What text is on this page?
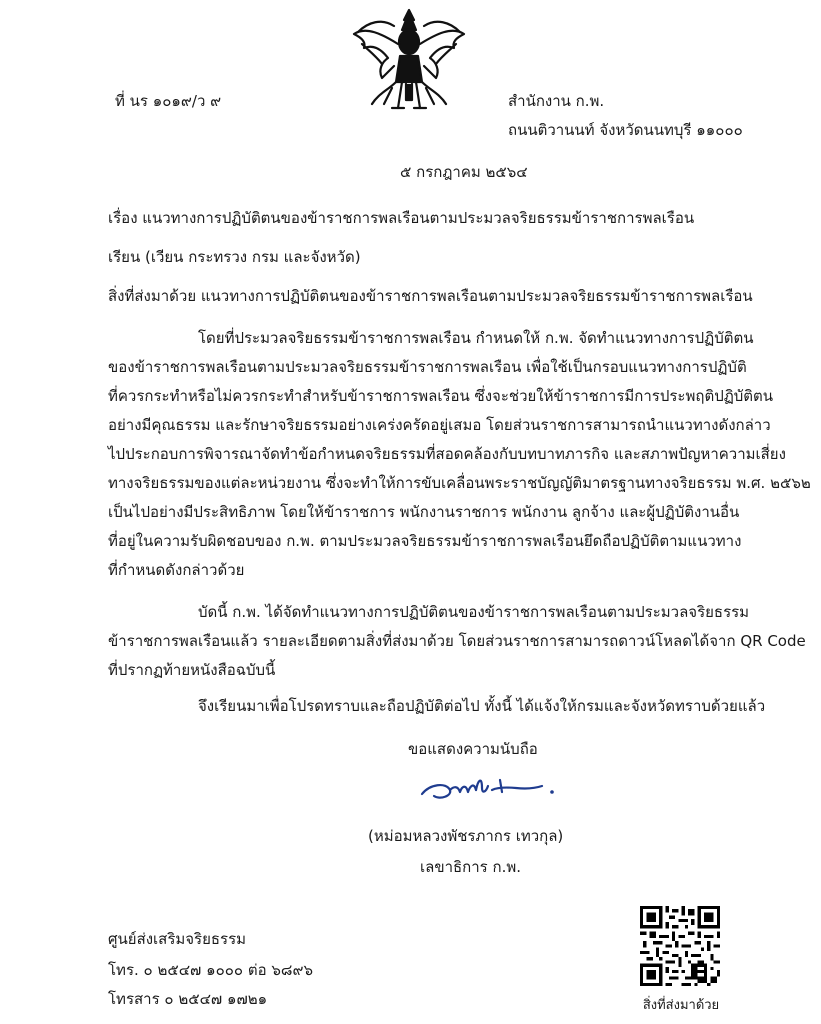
ที่ นร ๑๐๑๙/ว ๙	สำนักงาน ก.พ.
ถนนติวานนท์ จังหวัดนนทบุรี ๑๑๐๐๐
๕ กรกฎาคม ๒๕๖๔
เรื่อง แนวทางการปฏิบัติตนของข้าราชการพลเรือนตามประมวลจริยธรรมข้าราชการพลเรือน
เรียน (เวียน กระทรวง กรม และจังหวัด)
สิ่งที่ส่งมาด้วย แนวทางการปฏิบัติตนของข้าราชการพลเรือนตามประมวลจริยธรรมข้าราชการพลเรือน
โดยที่ประมวลจริยธรรมข้าราชการพลเรือน กำหนดให้ ก.พ. จัดทำแนวทางการปฏิบัติตน
ของข้าราชการพลเรือนตามประมวลจริยธรรมข้าราชการพลเรือน เพื่อใช้เป็นกรอบแนวทางการปฏิบัติ
ที่ควรกระทำหรือไม่ควรกระทำสำหรับข้าราชการพลเรือน ซึ่งจะช่วยให้ข้าราชการมีการประพฤติปฏิบัติตน
อย่างมีคุณธรรม และรักษาจริยธรรมอย่างเคร่งครัดอยู่เสมอ โดยส่วนราชการสามารถนำแนวทางดังกล่าว
ไปประกอบการพิจารณาจัดทำข้อกำหนดจริยธรรมที่สอดคล้องกับบทบาทภารกิจ และสภาพปัญหาความเสี่ยง
ทางจริยธรรมของแต่ละหน่วยงาน ซึ่งจะทำให้การขับเคลื่อนพระราชบัญญัติมาตรฐานทางจริยธรรม พ.ศ. ๒๕๖๒
เป็นไปอย่างมีประสิทธิภาพ โดยให้ข้าราชการ พนักงานราชการ พนักงาน ลูกจ้าง และผู้ปฏิบัติงานอื่น
ที่อยู่ในความรับผิดชอบของ ก.พ. ตามประมวลจริยธรรมข้าราชการพลเรือนยึดถือปฏิบัติตามแนวทาง
ที่กำหนดดังกล่าวด้วย
บัดนี้ ก.พ. ได้จัดทำแนวทางการปฏิบัติตนของข้าราชการพลเรือนตามประมวลจริยธรรม
ข้าราชการพลเรือนแล้ว รายละเอียดตามสิ่งที่ส่งมาด้วย โดยส่วนราชการสามารถดาวน์โหลดได้จาก QR Code
ที่ปรากฏท้ายหนังสือฉบับนี้
จึงเรียนมาเพื่อโปรดทราบและถือปฏิบัติต่อไป ทั้งนี้ ได้แจ้งให้กรมและจังหวัดทราบด้วยแล้ว
ขอแสดงความนับถือ
(หม่อมหลวงพัชรภากร เทวกุล)
เลขาธิการ ก.พ.
ศูนย์ส่งเสริมจริยธรรม
โทร. ๐ ๒๕๔๗ ๑๐๐๐ ต่อ ๖๘๙๖
โทรสาร ๐ ๒๕๔๗ ๑๗๒๑	สิ่งที่ส่งมาด้วย
